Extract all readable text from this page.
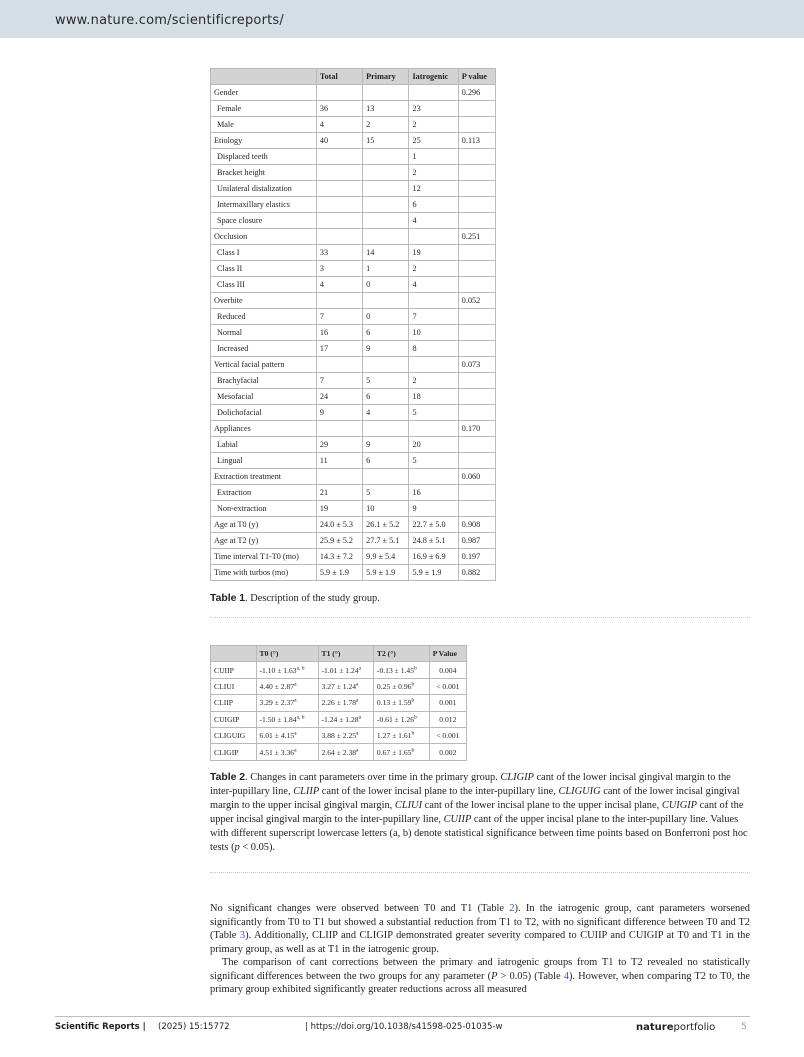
www.nature.com/scientificreports/
	Total	Primary	Iatrogenic	P value
Gender				0.296
Female	36	13	23	
Male	4	2	2	
Etiology	40	15	25	0.113
Displaced teeth			1	
Bracket height			2	
Unilateral distalization			12	
Intermaxillary elastics			6	
Space closure			4	
Occlusion				0.251
Class I	33	14	19	
Class II	3	1	2	
Class III	4	0	4	
Overbite				0.052
Reduced	7	0	7	
Normal	16	6	10	
Increased	17	9	8	
Vertical facial pattern				0.073
Brachyfacial	7	5	2	
Mesofacial	24	6	18	
Dolichofacial	9	4	5	
Appliances				0.170
Labial	29	9	20	
Lingual	11	6	5	
Extraction treatment				0.060
Extraction	21	5	16	
Non-extraction	19	10	9	
Age at T0 (y)	24.0 ± 5.3	26.1 ± 5.2	22.7 ± 5.0	0.908
Age at T2 (y)	25.9 ± 5.2	27.7 ± 5.1	24.8 ± 5.1	0.987
Time interval T1-T0 (mo)	14.3 ± 7.2	9.9 ± 5.4	16.9 ± 6.9	0.197
Time with turbos (mo)	5.9 ± 1.9	5.9 ± 1.9	5.9 ± 1.9	0.882
Table 1. Description of the study group.
	T0 (°)	T1 (°)	T2 (°)	P Value
CUIIP	$-1.10 \pm 1.63^{a, b}$	-1.01 ± 1.24$^a$	-0.13 ± 1.45$^b$	0.004
CLIUI	4.40 ± 2.87$^a$	3.27 ± 1.24$^a$	0.25 ± 0.96$^b$	< 0.001
CLIIP	3.29 ± 2.37$^a$	2.26 ± 1.78$^a$	0.13 ± 1.59$^b$	0.001
CUIGIP	$-1.50 \pm 1.84^{a, b}$	-1.24 ± 1.28$^a$	-0.61 ± 1.26$^b$	0.012
CLIGUIG	6.01 ± 4.15$^a$	3.88 ± 2.25$^a$	1.27 ± 1.61$^b$	< 0.001
CLIGIP	4.51 ± 3.36$^a$	2.64 ± 2.38$^a$	0.67 ± 1.65$^b$	0.002
Table 2. Changes in cant parameters over time in the primary group. CLIGIP cant of the lower incisal gingival margin to the inter-pupillary line, CLIIP cant of the lower incisal plane to the inter-pupillary line, CLIGUIG cant of the lower incisal gingival margin to the upper incisal gingival margin, CLIUI cant of the lower incisal plane to the upper incisal plane, CUIGIP cant of the upper incisal gingival margin to the inter-pupillary line, CUIIP cant of the upper incisal plane to the inter-pupillary line. Values with different superscript lowercase letters (a, b) denote statistical significance between time points based on Bonferroni post hoc tests (p < 0.05).

No significant changes were observed between T0 and T1 (Table 2). In the iatrogenic group, cant parameters worsened significantly from T0 to T1 but showed a substantial reduction from T1 to T2, with no significant difference between T0 and T2 (Table 3). Additionally, CLIIP and CLIGIP demonstrated greater severity compared to CUIIP and CUIGIP at T0 and T1 in the primary group, as well as at T1 in the iatrogenic group.

The comparison of cant corrections between the primary and iatrogenic groups from T1 to T2 revealed no statistically significant differences between the two groups for any parameter (P > 0.05) (Table 4). However, when comparing T2 to T0, the primary group exhibited significantly greater reductions across all measured

Scientific Reports | (2025) 15:15772	| https://doi.org/10.1038/s41598-025-01035-w	natureportfolio	5
